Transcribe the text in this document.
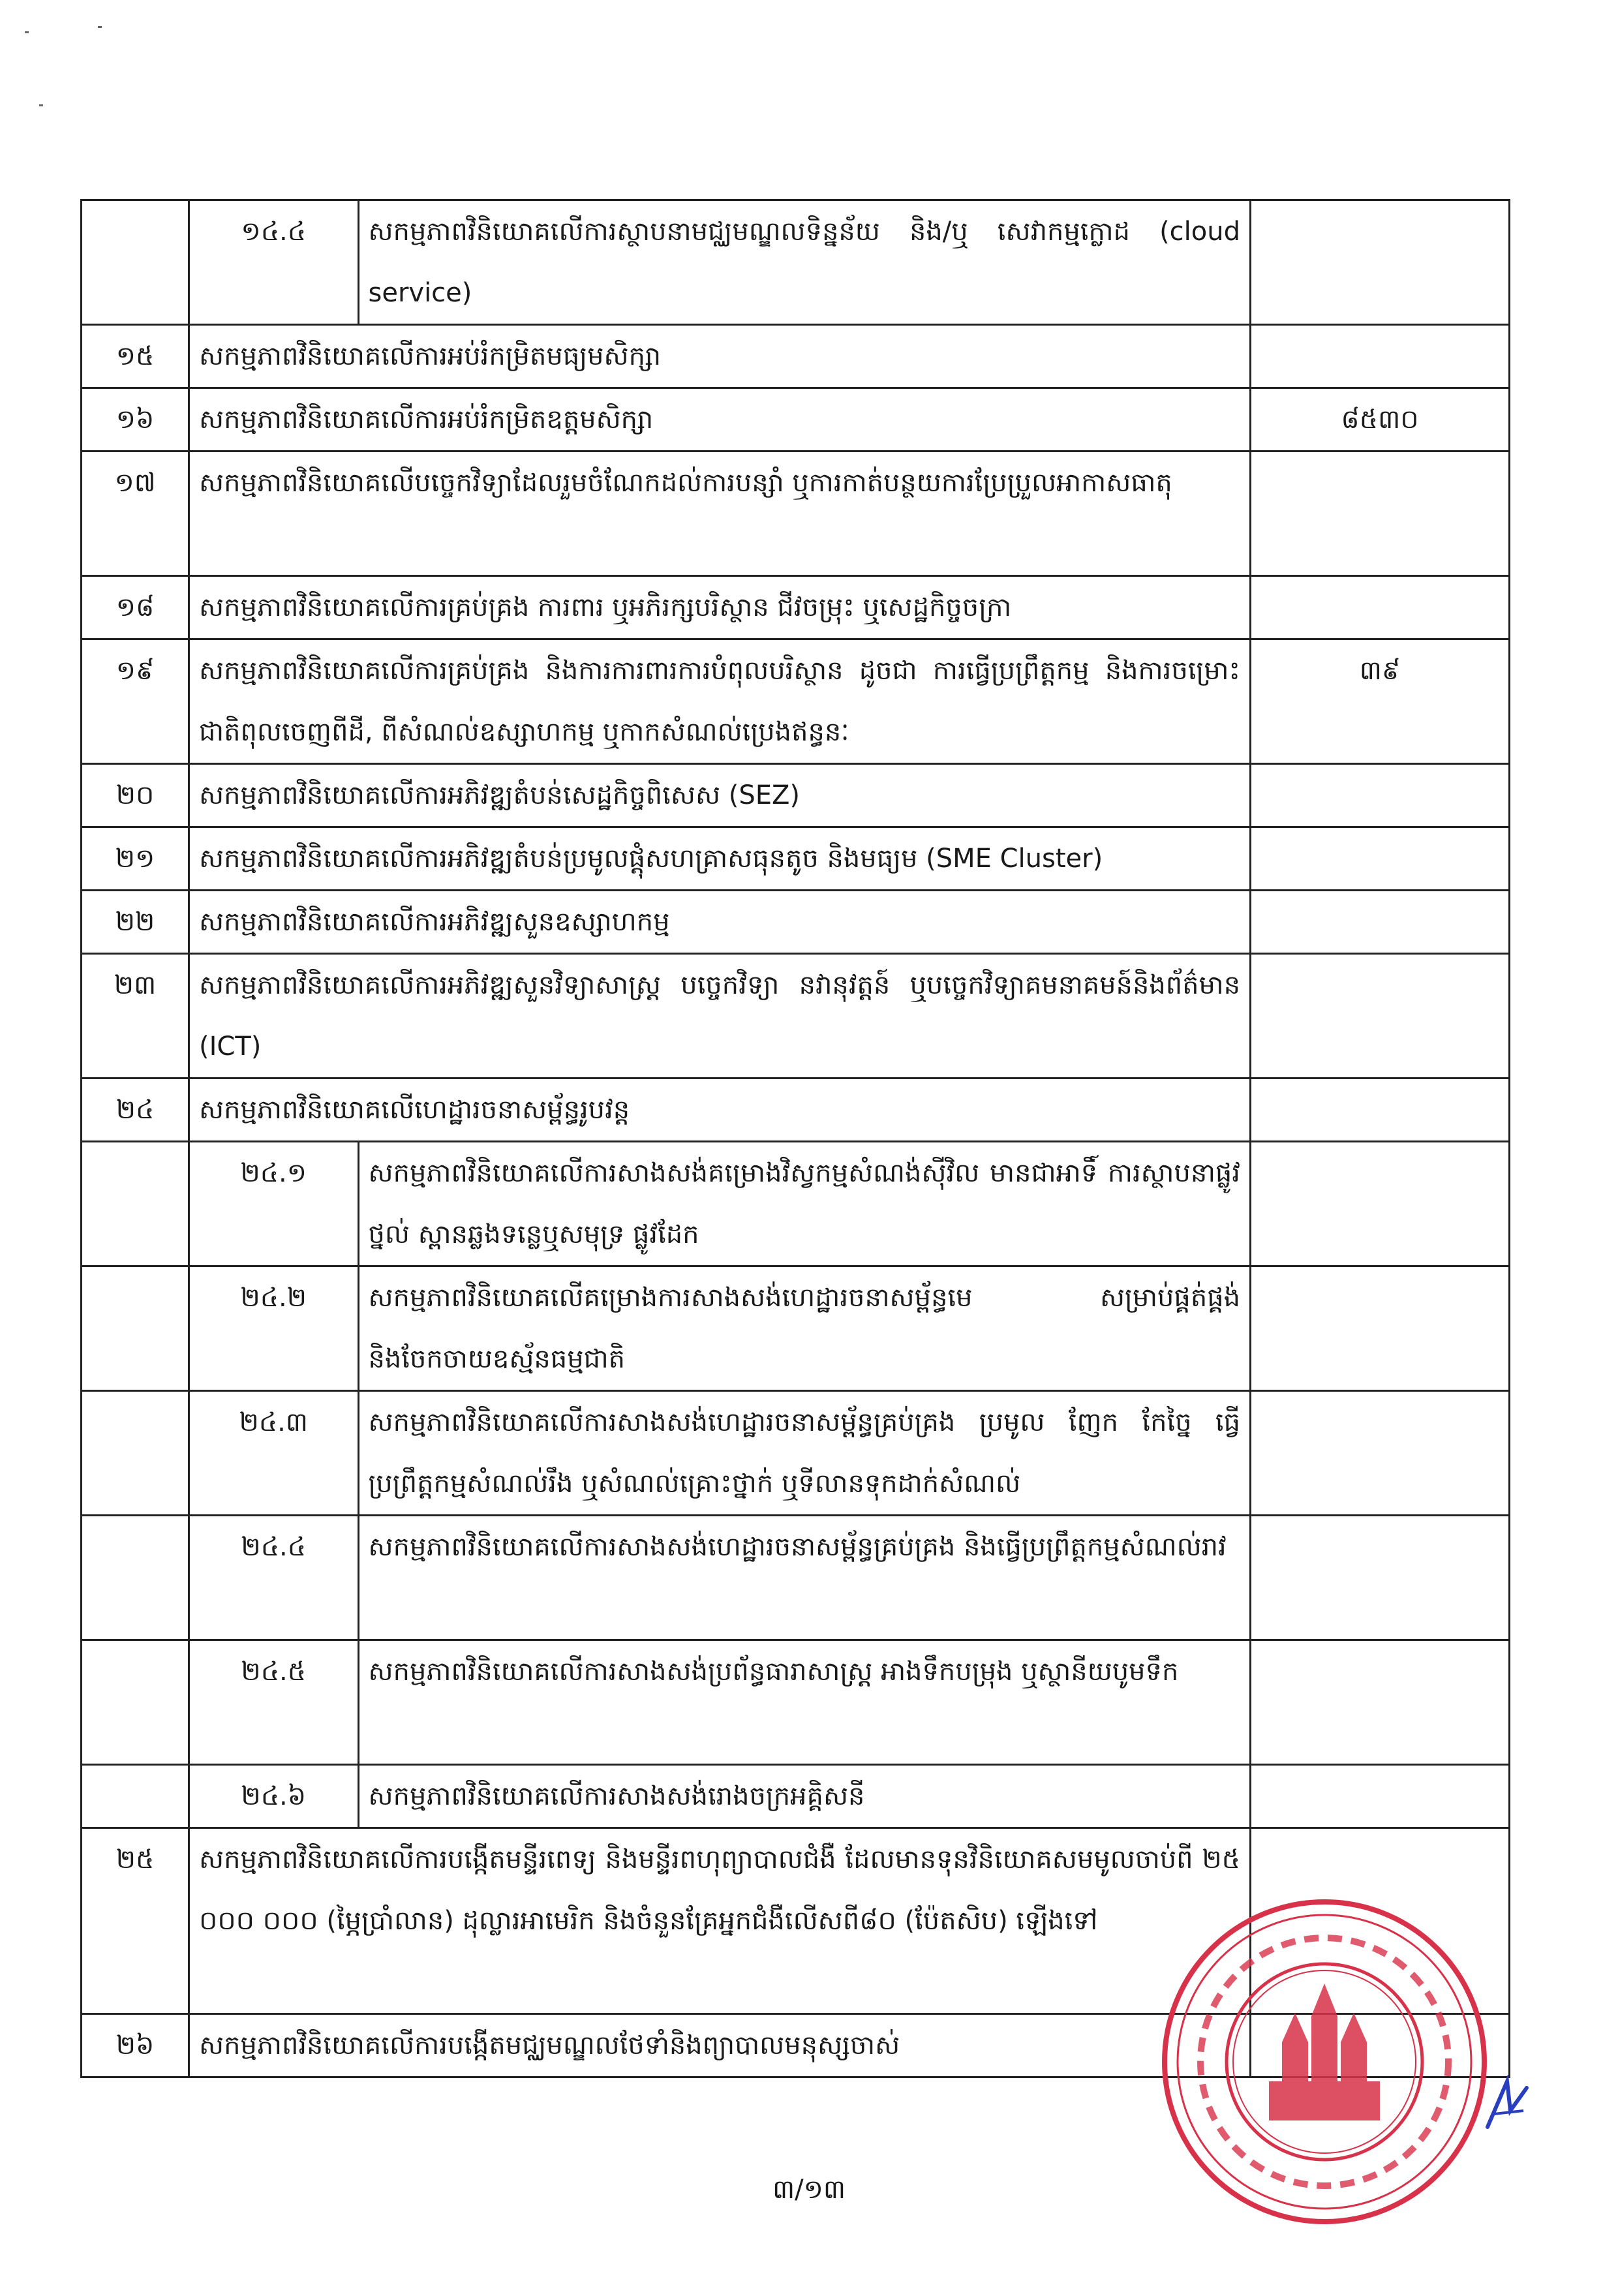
១៤.៤	សកម្មភាពវិនិយោគលើការស្ថាបនាមជ្ឈមណ្ឌលទិន្នន័យ និង/ឬ សេវាកម្មក្លោដ (cloud service)

១៥	សកម្មភាពវិនិយោគលើការអប់រំកម្រិតមធ្យមសិក្សា	
១៦	សកម្មភាពវិនិយោគលើការអប់រំកម្រិតឧត្តមសិក្សា	៨៥៣០
១៧	សកម្មភាពវិនិយោគលើបច្ចេកវិទ្យាដែលរួមចំណែកដល់ការបន្សាំ ឬការកាត់បន្ថយការប្រែប្រួលអាកាសធាតុ	
១៨	សកម្មភាពវិនិយោគលើការគ្រប់គ្រង ការពារ ឬអភិរក្សបរិស្ថាន ជីវចម្រុះ ឬសេដ្ឋកិច្ចចក្រា	
១៩	សកម្មភាពវិនិយោគលើការគ្រប់គ្រង និងការការពារការបំពុលបរិស្ថាន ដូចជា ការធ្វើប្រព្រឹត្តកម្ម និងការចម្រោះជាតិពុលចេញពីដី, ពីសំណល់ឧស្សាហកម្ម ឬកាកសំណល់ប្រេងឥន្ធនៈ	៣៩
២០	សកម្មភាពវិនិយោគលើការអភិវឌ្ឍតំបន់សេដ្ឋកិច្ចពិសេស (SEZ)	
២១	សកម្មភាពវិនិយោគលើការអភិវឌ្ឍតំបន់ប្រមូលផ្តុំសហគ្រាសធុនតូច និងមធ្យម (SME Cluster)	
២២	សកម្មភាពវិនិយោគលើការអភិវឌ្ឍសួនឧស្សាហកម្ម	
២៣	សកម្មភាពវិនិយោគលើការអភិវឌ្ឍសួនវិទ្យាសាស្ត្រ បច្ចេកវិទ្យា នវានុវត្តន៍ ឬបច្ចេកវិទ្យាគមនាគមន៍និងព័ត៌មាន (ICT)	
២៤	សកម្មភាពវិនិយោគលើហេដ្ឋារចនាសម្ព័ន្ធរូបវន្ត	

២៤.១	សកម្មភាពវិនិយោគលើការសាងសង់គម្រោងវិស្វកម្មសំណង់ស៊ីវិល មានជាអាទិ៍ ការស្ថាបនាផ្លូវថ្នល់ ស្ពានឆ្លងទន្លេឬសមុទ្រ ផ្លូវដែក

២៤.២	សកម្មភាពវិនិយោគលើគម្រោងការសាងសង់ហេដ្ឋារចនាសម្ព័ន្ធមេ សម្រាប់ផ្គត់ផ្គង់ និងចែកចាយឧស្ម័នធម្មជាតិ

២៤.៣	សកម្មភាពវិនិយោគលើការសាងសង់ហេដ្ឋារចនាសម្ព័ន្ធគ្រប់គ្រង ប្រមូល ញែក កែច្នៃ ធ្វើប្រព្រឹត្តកម្មសំណល់រឹង ឬសំណល់គ្រោះថ្នាក់ ឬទីលានទុកដាក់សំណល់

២៤.៤	សកម្មភាពវិនិយោគលើការសាងសង់ហេដ្ឋារចនាសម្ព័ន្ធគ្រប់គ្រង និងធ្វើប្រព្រឹត្តកម្មសំណល់រាវ

២៤.៥	សកម្មភាពវិនិយោគលើការសាងសង់ប្រព័ន្ធធារាសាស្ត្រ អាងទឹកបម្រុង ឬស្ថានីយបូមទឹក

២៤.៦	សកម្មភាពវិនិយោគលើការសាងសង់រោងចក្រអគ្គិសនី

២៥	សកម្មភាពវិនិយោគលើការបង្កើតមន្ទីរពេទ្យ និងមន្ទីរពហុព្យាបាលជំងឺ ដែលមានទុនវិនិយោគសមមូលចាប់ពី ២៥ ០០០ ០០០ (ម្ភៃប្រាំលាន) ដុល្លារអាមេរិក និងចំនួនគ្រែអ្នកជំងឺលើសពី៨០ (ប៉ែតសិប) ឡើងទៅ	
២៦	សកម្មភាពវិនិយោគលើការបង្កើតមជ្ឈមណ្ឌលថែទាំនិងព្យាបាលមនុស្សចាស់	
៣/១៣
